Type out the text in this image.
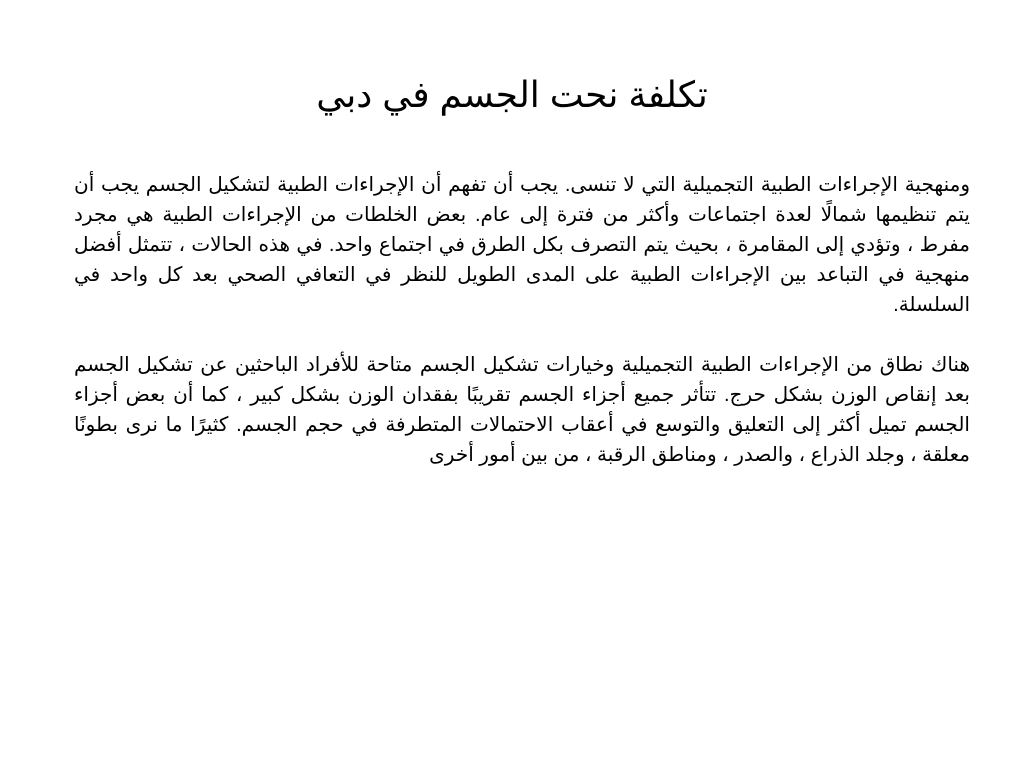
تكلفة نحت الجسم في دبي

ومنهجية الإجراءات الطبية التجميلية التي لا تنسى. يجب أن تفهم أن الإجراءات الطبية لتشكيل الجسم يجب أن يتم تنظيمها شمالًا لعدة اجتماعات وأكثر من فترة إلى عام. بعض الخلطات من الإجراءات الطبية هي مجرد مفرط ، وتؤدي إلى المقامرة ، بحيث يتم التصرف بكل الطرق في اجتماع واحد. في هذه الحالات ، تتمثل أفضل منهجية في التباعد بين الإجراءات الطبية على المدى الطويل للنظر في التعافي الصحي بعد كل واحد في السلسلة.

هناك نطاق من الإجراءات الطبية التجميلية وخيارات تشكيل الجسم متاحة للأفراد الباحثين عن تشكيل الجسم بعد إنقاص الوزن بشكل حرج. تتأثر جميع أجزاء الجسم تقريبًا بفقدان الوزن بشكل كبير ، كما أن بعض أجزاء الجسم تميل أكثر إلى التعليق والتوسع في أعقاب الاحتمالات المتطرفة في حجم الجسم. كثيرًا ما نرى بطونًا معلقة ، وجلد الذراع ، والصدر ، ومناطق الرقبة ، من بين أمور أخرى
